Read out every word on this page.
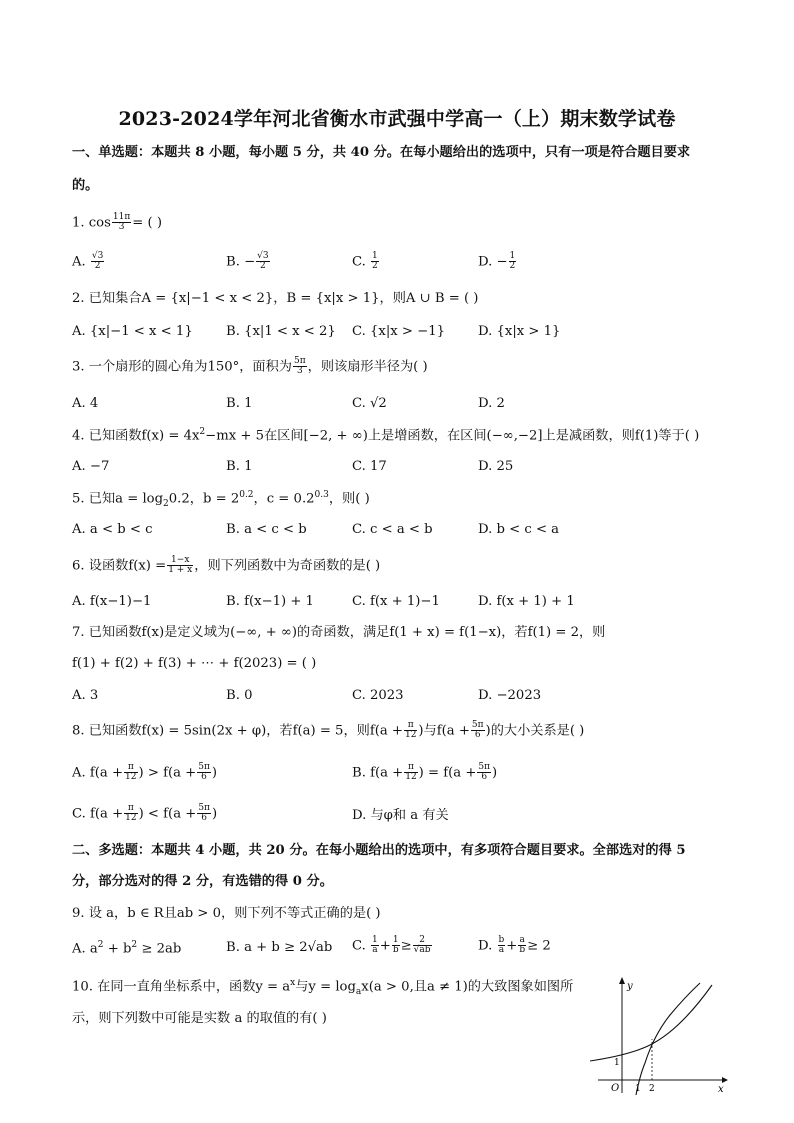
2023-2024学年河北省衡水市武强中学高一（上）期末数学试卷
一、单选题：本题共 8 小题，每小题 5 分，共 40 分。在每小题给出的选项中，只有一项是符合题目要求
的。
1. $\cos \frac{11\pi}{3}$ = ( )
A. $\frac{√3}{2}$	B. − $\frac{√3}{2}$	C. $\frac{1}{2}$	D. − $\frac{1}{2}$
2. 已知集合A = {x|−1 < x < 2}，B = {x|x > 1}，则A ∪ B = ( )
A. {x|−1 < x < 1}	B. {x|1 < x < 2} C. {x|x > −1}	D. {x|x > 1}
3. 一个扇形的圆心角为150°，面积为 $\frac{5\pi}{3}$ ，则该扇形半径为( )
A. 4	B. 1	C. √2	D. 2
4. 已知函数$f(x) = 4x^2-mx + 5$在区间[−2, + ∞)上是增函数，在区间(−∞,−2]上是减函数，则f(1)等于( )
A. −7	B. 1	C. 17	D. 25
5. 已知$a = \log_20.2$，$b = 2^{0.2}$，$c = 0.2^{0.3}$，则( )
A. a < b < c	B. a < c < b	C. c < a < b	D. b < c < a
6. 设函数$f(x) = \frac{1-x}{1 + x}$ ，则下列函数中为奇函数的是( )
A. f(x−1)−1	B. f(x−1) + 1	C. f(x + 1)−1	D. f(x + 1) + 1
7. 已知函数f(x)是定义域为(−∞, + ∞)的奇函数，满足f(1 + x) = f(1−x)，若f(1) = 2，则
f(1) + f(2) + f(3) + ⋯ + f(2023) = ( )
A. 3	B. 0	C. 2023	D. −2023
8. 已知函数f(x) = 5sin(2x + φ)，若f(a) = 5，则$f(a + \frac{\pi}{12}$ )与$f(a + \frac{5\pi}{6}$ )的大小关系是( )
A. $f(a + \frac{\pi}{12}$ ) > $f(a + \frac{5\pi}{6}$ )	B. $f(a + \frac{\pi}{12}$ ) = $f(a + \frac{5\pi}{6}$ )
C. $f(a + \frac{\pi}{12}$ ) < $f(a + \frac{5\pi}{6}$ )	D. 与φ和 a 有关
二、多选题：本题共 4 小题，共 20 分。在每小题给出的选项中，有多项符合题目要求。全部选对的得 5
分，部分选对的得 2 分，有选错的得 0 分。
9. 设 a，b ∈ R且ab > 0，则下列不等式正确的是( )
A. $a^2 + b^2 \ge 2ab$	B. a + b ≥ 2√ab C. $\frac{1}{a} + \frac{1}{b} \ge \frac{2}{√ab}$	D. $\frac{b}{a} + \frac{a}{b} \ge 2$
10. 在同一直角坐标系中，函数$y = a^x$与$y = \log_ax(a > 0$,且a ≠ 1)的大致图象如图所
示，则下列数中可能是实数 a 的取值的有( )
y
x
O 1 2
1
